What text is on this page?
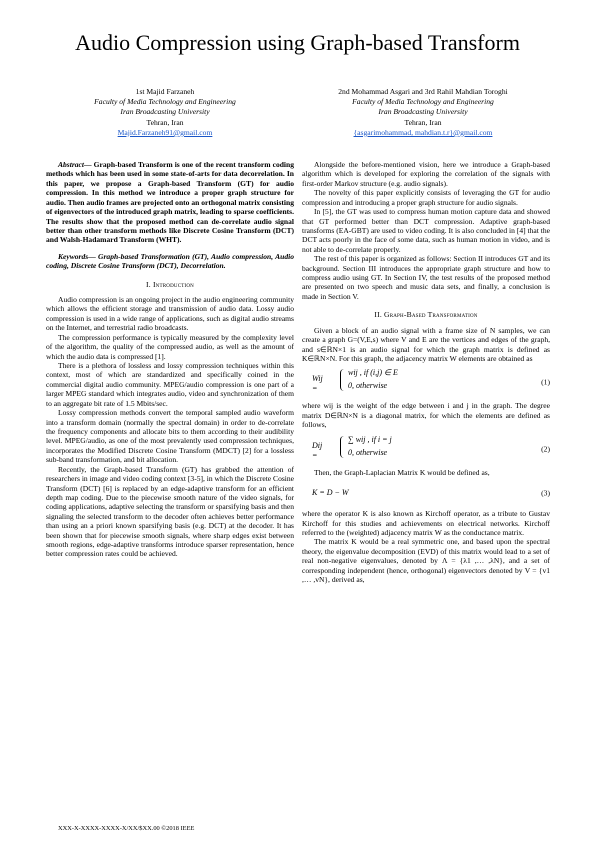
Audio Compression using Graph-based Transform
1st Majid Farzaneh
Faculty of Media Technology and Engineering
Iran Broadcasting University
Tehran, Iran
Majid.Farzaneh91@gmail.com
2nd Mohammad Asgari and 3rd Rahil Mahdian Toroghi
Faculty of Media Technology and Engineering
Iran Broadcasting University
Tehran, Iran
{asgarimohammad, mahdian.t.r}@gmail.com

Abstract— Graph-based Transform is one of the recent transform coding methods which has been used in some state-of-arts for data decorrelation. In this paper, we propose a Graph-based Transform (GT) for audio compression. In this method we introduce a proper graph structure for audio. Then audio frames are projected onto an orthogonal matrix consisting of eigenvectors of the introduced graph matrix, leading to sparse coefficients. The results show that the proposed method can de-correlate audio signal better than other transform methods like Discrete Cosine Transform (DCT) and Walsh-Hadamard Transform (WHT).

Keywords— Graph-based Transformation (GT), Audio compression, Audio coding, Discrete Cosine Transform (DCT), Decorrelation.

I. Introduction

Audio compression is an ongoing project in the audio engineering community which allows the efficient storage and transmission of audio data. Lossy audio compression is used in a wide range of applications, such as digital audio streams on the Internet, and terrestrial radio broadcasts.

The compression performance is typically measured by the complexity level of the algorithm, the quality of the compressed audio, as well as the amount of which the audio data is compressed [1].

There is a plethora of lossless and lossy compression techniques within this context, most of which are standardized and specifically coined in the commercial digital audio community. MPEG/audio compression is one part of a larger MPEG standard which integrates audio, video and synchronization of them to an aggregate bit rate of 1.5 Mbits/sec.

Lossy compression methods convert the temporal sampled audio waveform into a transform domain (normally the spectral domain) in order to de-correlate the frequency components and allocate bits to them according to their audibility level. MPEG/audio, as one of the most prevalently used compression techniques, incorporates the Modified Discrete Cosine Transform (MDCT) [2] for a lossless sub-band transformation, and bit allocation.

Recently, the Graph-based Transform (GT) has grabbed the attention of researchers in image and video coding context [3-5], in which the Discrete Cosine Transform (DCT) [6] is replaced by an edge-adaptive transform for an efficient depth map coding. Due to the piecewise smooth nature of the video signals, for coding applications, adaptive selecting the transform or sparsifying basis and then signaling the selected transform to the decoder often achieves better performance than using an a priori known sparsifying basis (e.g. DCT) at the decoder. It has been shown that for piecewise smooth signals, where sharp edges exist between smooth regions, edge-adaptive transforms introduce sparser representation, hence better compression rates could be achieved.

Alongside the before-mentioned vision, here we introduce a Graph-based algorithm which is developed for exploring the correlation of the signals with first-order Markov structure (e.g. audio signals).

The novelty of this paper explicitly consists of leveraging the GT for audio compression and introducing a proper graph structure for audio signals.

In [5], the GT was used to compress human motion capture data and showed that GT performed better than DCT compression. Adaptive graph-based transforms (EA-GBT) are used to video coding. It is also concluded in [4] that the DCT acts poorly in the face of some data, such as human motion in video, and is not able to de-correlate properly.

The rest of this paper is organized as follows: Section II introduces GT and its background. Section III introduces the appropriate graph structure and how to compress audio using GT. In Section IV, the test results of the proposed method are presented on two speech and music data sets, and finally, a conclusion is made in Section V.

II. Graph-Based Transformation

Given a block of an audio signal with a frame size of N samples, we can create a graph G=(V,E,s) where V and E are the vertices and edges of the graph, and s∈ℝN×1 is an audio signal for which the graph matrix is defined as K∈ℝN×N. For this graph, the adjacency matrix W elements are obtained as

Wij =
wij , if (i,j) ∈ E
0, otherwise	(1)

where wij is the weight of the edge between i and j in the graph. The degree matrix D∈ℝN×N is a diagonal matrix, for which the elements are defined as follows,

Dij =
∑ wij , if i = j
0, otherwise	(2)

Then, the Graph-Laplacian Matrix K would be defined as,

K = D − W	(3)

where the operator K is also known as Kirchoff operator, as a tribute to Gustav Kirchoff for this studies and achievements on electrical networks. Kirchoff referred to the (weighted) adjacency matrix W as the conductance matrix.

The matrix K would be a real symmetric one, and based upon the spectral theory, the eigenvalue decomposition (EVD) of this matrix would lead to a set of real non-negative eigenvalues, denoted by Λ = {λ1 ,… ,λN}, and a set of corresponding independent (hence, orthogonal) eigenvectors denoted by V = {v1 ,… ,vN}, derived as,

XXX-X-XXXX-XXXX-X/XX/$XX.00 ©2018 IEEE
